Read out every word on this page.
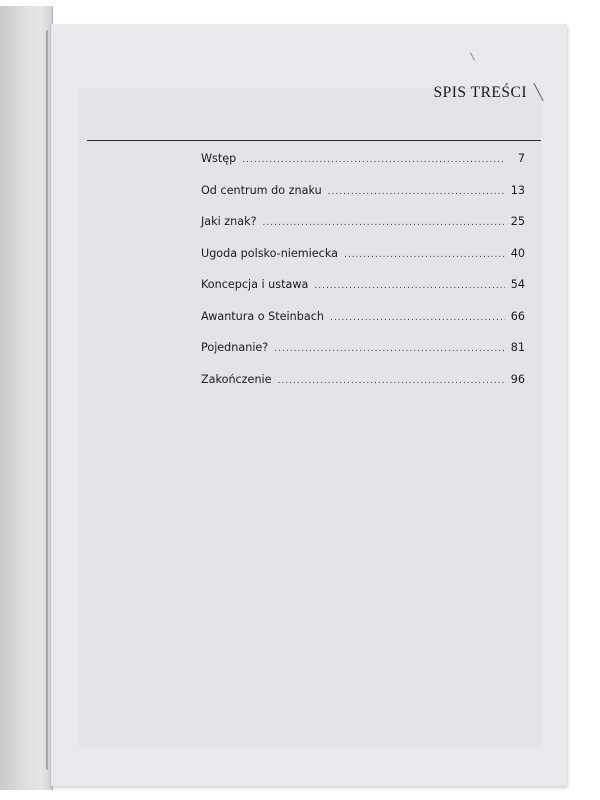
SPIS TREŚCI
Wstęp .....	7
Od centrum do znaku .....	13
Jaki znak? .....	25
Ugoda polsko-niemiecka .....	40
Koncepcja i ustawa .....	54
Awantura o Steinbach .....	66
Pojednanie? .....	81
Zakończenie .....	96
